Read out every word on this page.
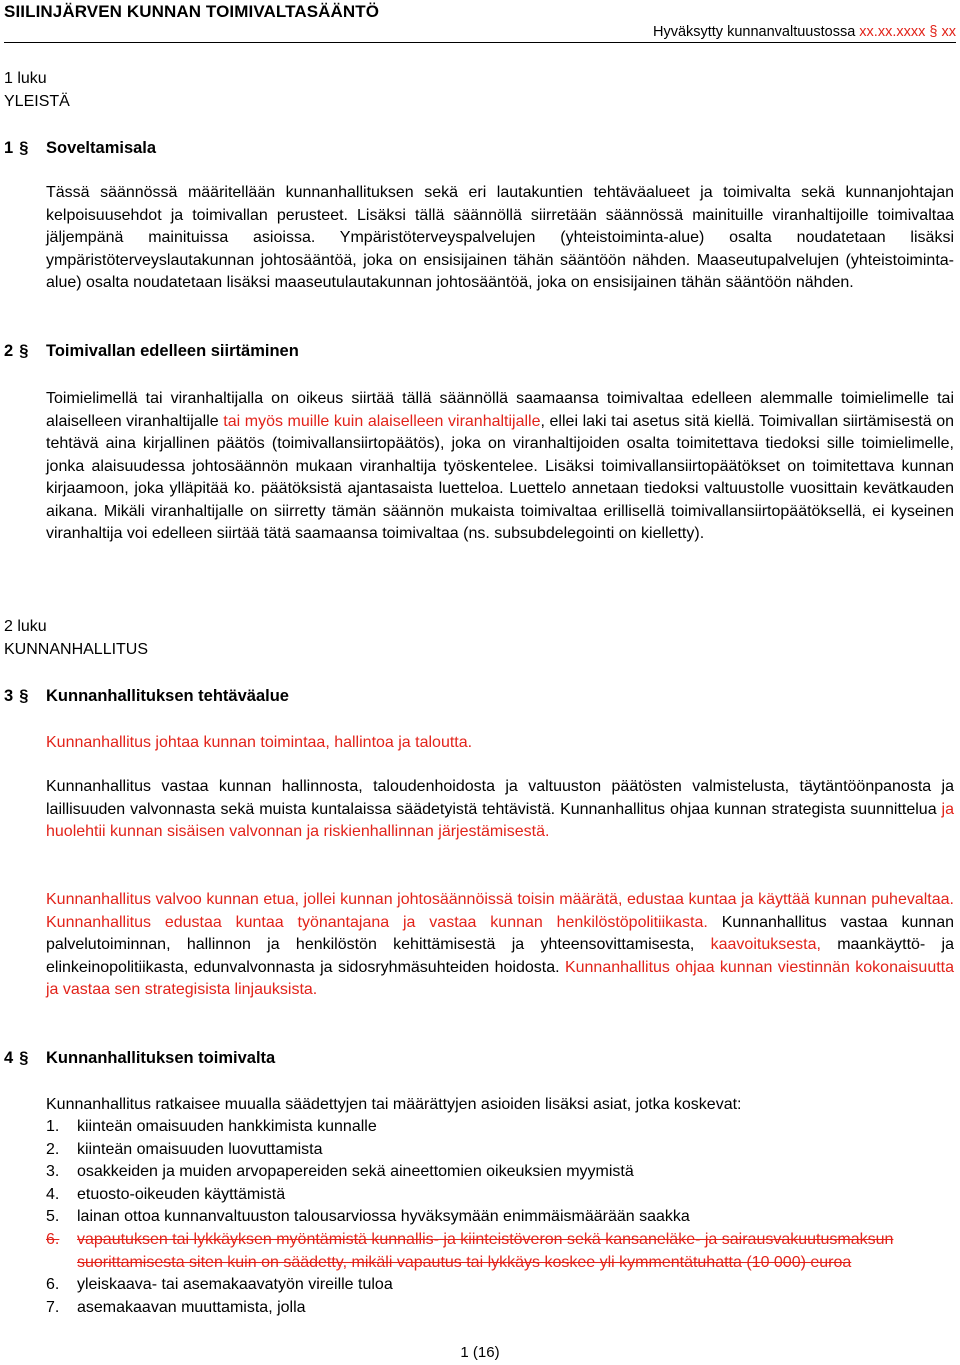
SIILINJÄRVEN KUNNAN TOIMIVALTASÄÄNTÖ
Hyväksytty kunnanvaltuustossa xx.xx.xxxx § xx
1 luku
YLEISTÄ
1 §	Soveltamisala
Tässä säännössä määritellään kunnanhallituksen sekä eri lautakuntien tehtäväalueet ja toimivalta sekä kunnanjohtajan kelpoisuusehdot ja toimivallan perusteet. Lisäksi tällä säännöllä siirretään säännössä mainituille viranhaltijoille toimivaltaa jäljempänä mainituissa asioissa. Ympäristöterveyspalvelujen (yhteistoiminta-alue) osalta noudatetaan lisäksi ympäristöterveyslautakunnan johtosääntöä, joka on ensisijainen tähän sääntöön nähden. Maaseutupalvelujen (yhteistoiminta-alue) osalta noudatetaan lisäksi maaseutulautakunnan johtosääntöä, joka on ensisijainen tähän sääntöön nähden.
2 §	Toimivallan edelleen siirtäminen
Toimielimellä tai viranhaltijalla on oikeus siirtää tällä säännöllä saamaansa toimivaltaa edelleen alemmalle toimielimelle tai alaiselleen viranhaltijalle tai myös muille kuin alaiselleen viranhaltijalle, ellei laki tai asetus sitä kiellä. Toimivallan siirtämisestä on tehtävä aina kirjallinen päätös (toimivallansiirtopäätös), joka on viranhaltijoiden osalta toimitettava tiedoksi sille toimielimelle, jonka alaisuudessa johtosäännön mukaan viranhaltija työskentelee. Lisäksi toimivallansiirtopäätökset on toimitettava kunnan kirjaamoon, joka ylläpitää ko. päätöksistä ajantasaista luetteloa. Luettelo annetaan tiedoksi valtuustolle vuosittain kevätkauden aikana. Mikäli viranhaltijalle on siirretty tämän säännön mukaista toimivaltaa erillisellä toimivallansiirtopäätöksellä, ei kyseinen viranhaltija voi edelleen siirtää tätä saamaansa toimivaltaa (ns. subsubdelegointi on kielletty).
2 luku
KUNNANHALLITUS
3 §	Kunnanhallituksen tehtäväalue
Kunnanhallitus johtaa kunnan toimintaa, hallintoa ja taloutta.
Kunnanhallitus vastaa kunnan hallinnosta, taloudenhoidosta ja valtuuston päätösten valmistelusta, täytäntöönpanosta ja laillisuuden valvonnasta sekä muista kuntalaissa säädetyistä tehtävistä. Kunnanhallitus ohjaa kunnan strategista suunnittelua ja huolehtii kunnan sisäisen valvonnan ja riskienhallinnan järjestämisestä.
Kunnanhallitus valvoo kunnan etua, jollei kunnan johtosäännöissä toisin määrätä, edustaa kuntaa ja käyttää kunnan puhevaltaa. Kunnanhallitus edustaa kuntaa työnantajana ja vastaa kunnan henkilöstöpolitiikasta. Kunnanhallitus vastaa kunnan palvelutoiminnan, hallinnon ja henkilöstön kehittämisestä ja yhteensovittamisesta, kaavoituksesta, maankäyttö- ja elinkeinopolitiikasta, edunvalvonnasta ja sidosryhmäsuhteiden hoidosta. Kunnanhallitus ohjaa kunnan viestinnän kokonaisuutta ja vastaa sen strategisista linjauksista.
4 §	Kunnanhallituksen toimivalta
Kunnanhallitus ratkaisee muualla säädettyjen tai määrättyjen asioiden lisäksi asiat, jotka koskevat:
1.	kiinteän omaisuuden hankkimista kunnalle
2.	kiinteän omaisuuden luovuttamista
3.	osakkeiden ja muiden arvopapereiden sekä aineettomien oikeuksien myymistä
4.	etuosto-oikeuden käyttämistä
5.	lainan ottoa kunnanvaltuuston talousarviossa hyväksymään enimmäismäärään saakka
6.	vapautuksen tai lykkäyksen myöntämistä kunnallis- ja kiinteistöveron sekä kansaneläke- ja sairausvakuutusmaksun suorittamisesta siten kuin on säädetty, mikäli vapautus tai lykkäys koskee yli kymmentätuhatta (10 000) euroa
6.	yleiskaava- tai asemakaavatyön vireille tuloa
7.	asemakaavan muuttamista, jolla
1 (16)
